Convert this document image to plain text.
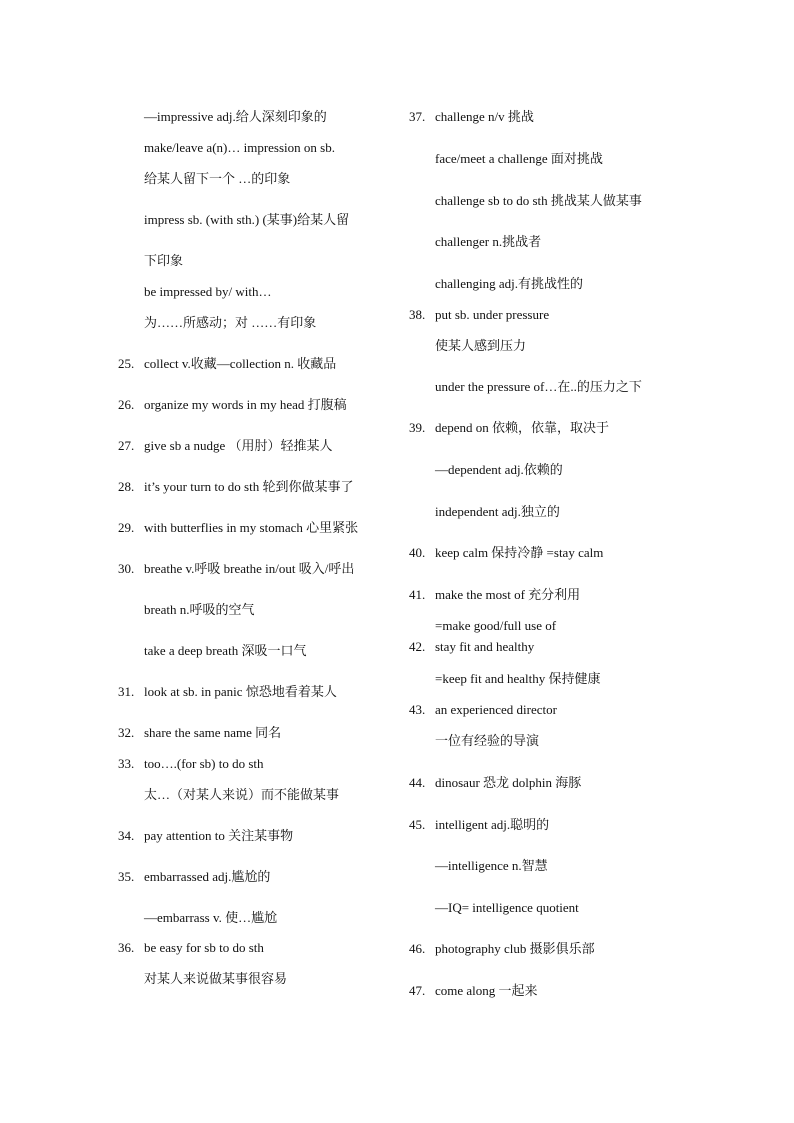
—impressive adj.给人深刻印象的
make/leave a(n)… impression on sb.
给某人留下一个 …的印象
impress sb. (with sth.) (某事)给某人留
下印象
be impressed by/ with…
为……所感动；对 ……有印象
25. collect v.收藏—collection n. 收藏品
26. organize my words in my head 打腹稿
27. give sb a nudge （用肘）轻推某人
28. it’s your turn to do sth 轮到你做某事了
29. with butterflies in my stomach 心里紧张
30. breathe v.呼吸 breathe in/out 吸入/呼出
breath n.呼吸的空气
take a deep breath 深吸一口气
31. look at sb. in panic 惊恐地看着某人
32. share the same name 同名
33. too….(for sb) to do sth
太…（对某人来说）而不能做某事
34. pay attention to 关注某事物
35. embarrassed adj.尴尬的
—embarrass v. 使…尴尬
36. be easy for sb to do sth
对某人来说做某事很容易
37. challenge n/v 挑战
face/meet a challenge 面对挑战
challenge sb to do sth 挑战某人做某事
challenger n.挑战者
challenging adj.有挑战性的
38. put sb. under pressure
使某人感到压力
under the pressure of…在..的压力之下
39. depend on 依赖，依靠，取决于
—dependent adj.依赖的
independent adj.独立的
40. keep calm 保持冷静 =stay calm
41. make the most of 充分利用
=make good/full use of
42. stay fit and healthy
=keep fit and healthy 保持健康
43. an experienced director
一位有经验的导演
44. dinosaur 恐龙 dolphin 海豚
45. intelligent adj.聪明的
—intelligence n.智慧
—IQ= intelligence quotient
46. photography club 摄影俱乐部
47. come along 一起来
